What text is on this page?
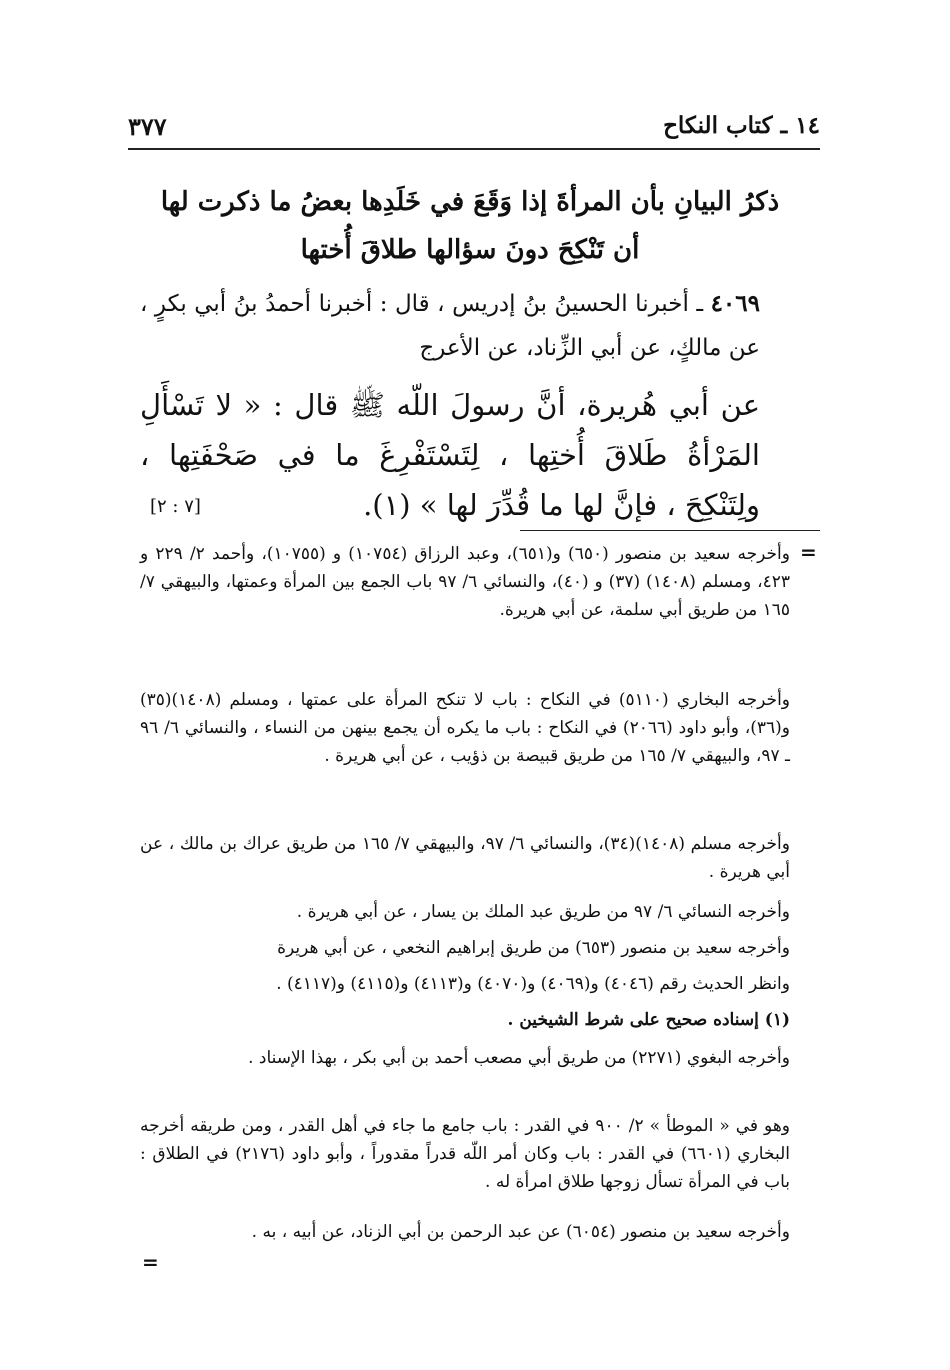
٣٧٧	١٤ ـ كتاب النكاح
ذكرُ البيانِ بأن المرأةَ إذا وَقَعَ في خَلَدِها بعضُ ما ذكرت لها
أن تَنْكِحَ دونَ سؤالها طلاقَ أُختها
٤٠٦٩ ـ أخبرنا الحسينُ بنُ إدريس ، قال : أخبرنا أحمدُ بنُ أبي بكرٍ ، عن مالكٍ، عن أبي الزِّناد، عن الأعرج
عن أبي هُريرة، أنَّ رسولَ اللّه ﷺ قال : « لا تَسْأَلِ المَرْأةُ طَلاقَ أُختِها ، لِتَسْتَفْرِغَ ما في صَحْفَتِها ، ولِتَنْكِحَ ، فإنَّ لها ما قُدِّرَ لها » (١).
[٧ : ٢]
=
وأخرجه سعيد بن منصور (٦٥٠) و(٦٥١)، وعبد الرزاق (١٠٧٥٤) و (١٠٧٥٥)، وأحمد ٢/ ٢٢٩ و ٤٢٣، ومسلم (١٤٠٨) (٣٧) و (٤٠)، والنسائي ٦/ ٩٧ باب الجمع بين المرأة وعمتها، والبيهقي ٧/ ١٦٥ من طريق أبي سلمة، عن أبي هريرة.
وأخرجه البخاري (٥١١٠) في النكاح : باب لا تنكح المرأة على عمتها ، ومسلم (١٤٠٨)(٣٥) و(٣٦)، وأبو داود (٢٠٦٦) في النكاح : باب ما يكره أن يجمع بينهن من النساء ، والنسائي ٦/ ٩٦ ـ ٩٧، والبيهقي ٧/ ١٦٥ من طريق قبيصة بن ذؤيب ، عن أبي هريرة .
وأخرجه مسلم (١٤٠٨)(٣٤)، والنسائي ٦/ ٩٧، والبيهقي ٧/ ١٦٥ من طريق عراك بن مالك ، عن أبي هريرة .
وأخرجه النسائي ٦/ ٩٧ من طريق عبد الملك بن يسار ، عن أبي هريرة .
وأخرجه سعيد بن منصور (٦٥٣) من طريق إبراهيم النخعي ، عن أبي هريرة
وانظر الحديث رقم (٤٠٤٦) و(٤٠٦٩) و(٤٠٧٠) و(٤١١٣) و(٤١١٥) و(٤١١٧) .
(١) إسناده صحيح على شرط الشيخين .
وأخرجه البغوي (٢٢٧١) من طريق أبي مصعب أحمد بن أبي بكر ، بهذا الإسناد .
وهو في « الموطأ » ٢/ ٩٠٠ في القدر : باب جامع ما جاء في أهل القدر ، ومن طريقه أخرجه البخاري (٦٦٠١) في القدر : باب وكان أمر اللّه قدراً مقدوراً ، وأبو داود (٢١٧٦) في الطلاق : باب في المرأة تسأل زوجها طلاق امرأة له .
وأخرجه سعيد بن منصور (٦٠٥٤) عن عبد الرحمن بن أبي الزناد، عن أبيه ، به .
=
